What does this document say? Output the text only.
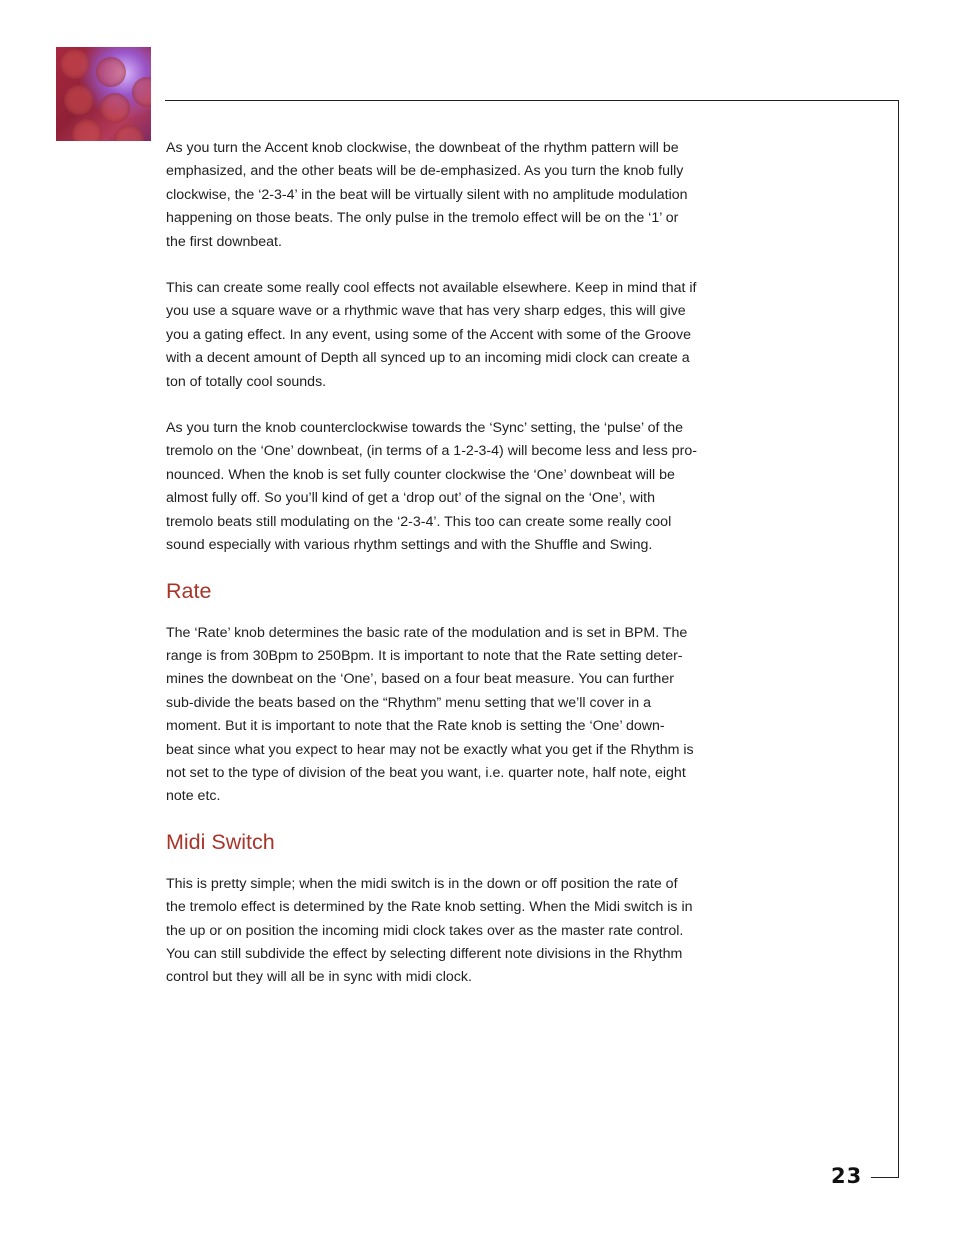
As you turn the Accent knob clockwise, the downbeat of the rhythm pattern will be
emphasized, and the other beats will be de-emphasized. As you turn the knob fully
clockwise, the ‘2-3-4’ in the beat will be virtually silent with no amplitude modulation
happening on those beats. The only pulse in the tremolo effect will be on the ‘1’ or
the first downbeat.

This can create some really cool effects not available elsewhere. Keep in mind that if
you use a square wave or a rhythmic wave that has very sharp edges, this will give
you a gating effect. In any event, using some of the Accent with some of the Groove
with a decent amount of Depth all synced up to an incoming midi clock can create a
ton of totally cool sounds.

As you turn the knob counterclockwise towards the ‘Sync’ setting, the ‘pulse’ of the
tremolo on the ‘One’ downbeat, (in terms of a 1-2-3-4) will become less and less pro-
nounced. When the knob is set fully counter clockwise the ‘One’ downbeat will be
almost fully off. So you’ll kind of get a ‘drop out’ of the signal on the ‘One’, with
tremolo beats still modulating on the ‘2-3-4’. This too can create some really cool
sound especially with various rhythm settings and with the Shuffle and Swing.

Rate

The ‘Rate’ knob determines the basic rate of the modulation and is set in BPM. The
range is from 30Bpm to 250Bpm. It is important to note that the Rate setting deter-
mines the downbeat on the ‘One’, based on a four beat measure. You can further
sub-divide the beats based on the “Rhythm” menu setting that we’ll cover in a
moment. But it is important to note that the Rate knob is setting the ‘One’ down-
beat since what you expect to hear may not be exactly what you get if the Rhythm is
not set to the type of division of the beat you want, i.e. quarter note, half note, eight
note etc.

Midi Switch

This is pretty simple; when the midi switch is in the down or off position the rate of
the tremolo effect is determined by the Rate knob setting. When the Midi switch is in
the up or on position the incoming midi clock takes over as the master rate control.
You can still subdivide the effect by selecting different note divisions in the Rhythm
control but they will all be in sync with midi clock.

23
